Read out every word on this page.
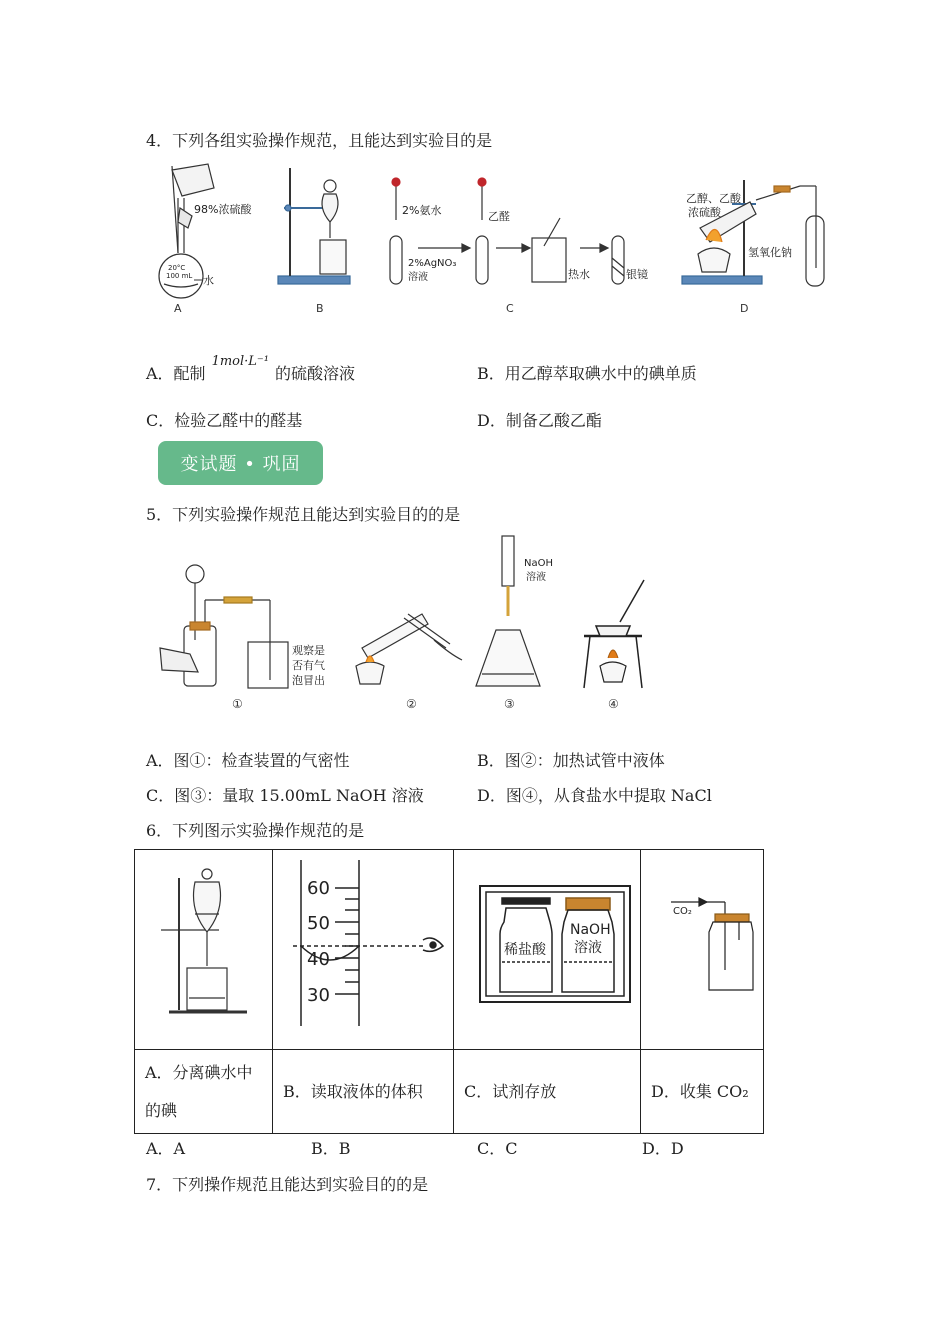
4．下列各组实验操作规范，且能达到实验目的是
98%浓硫酸
20°C
100 mL 水
A	B
2%氨水	乙醛
2%AgNO₃
溶液	热水	银镜
C
乙醇、乙酸
浓硫酸
氢氧化钠
D
A．配制$^{1mol\cdot L^{-1}}$的硫酸溶液	B．用乙醇萃取碘水中的碘单质
C．检验乙醛中的醛基	D．制备乙酸乙酯
变试题 • 巩固
5．下列实验操作规范且能达到实验目的的是
观察是
否有气
泡冒出
①	②
NaOH
溶液
③	④
A．图①：检查装置的气密性	B．图②：加热试管中液体
C．图③：量取 15.00mL NaOH 溶液	D．图④，从食盐水中提取 NaCl
6．下列图示实验操作规范的是

60
50
40
30	稀盐酸
NaOH
溶液	CO₂

A．分离碘水中
的碘	B．读取液体的体积	C．试剂存放	D．收集 CO₂
A．A	B．B	C．C	D．D
7．下列操作规范且能达到实验目的的是
